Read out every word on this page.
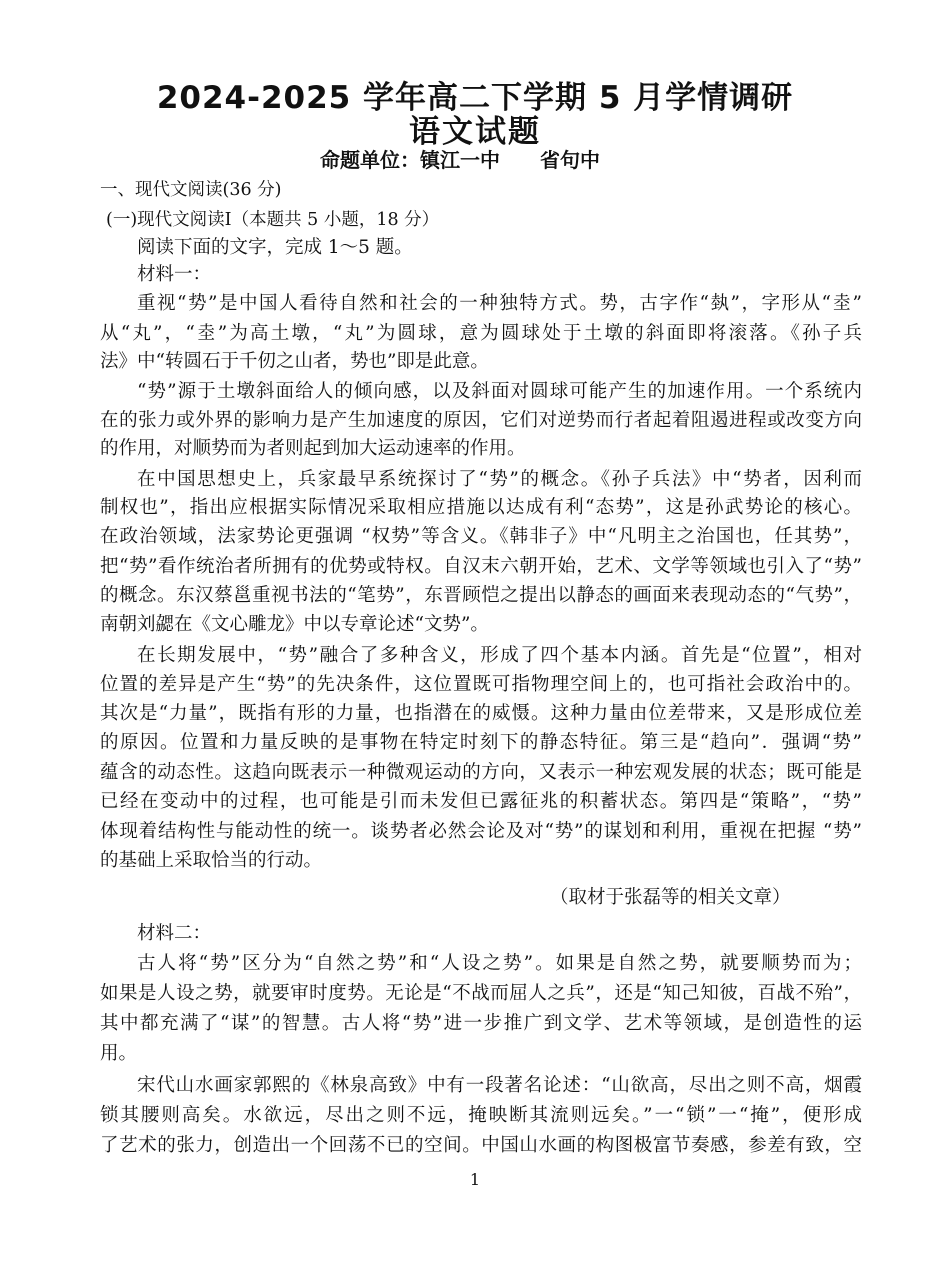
2024-2025 学年高二下学期 5 月学情调研
语文试题
命题单位：镇江一中　　省句中
一、现代文阅读(36 分)
(一)现代文阅读Ⅰ（本题共 5 小题，18 分）
阅读下面的文字，完成 1～5 题。
材料一：
重视“势”是中国人看待自然和社会的一种独特方式。势，古字作“埶”，字形从“坴”
从“丸”，“坴”为高土墩，“丸”为圆球，意为圆球处于土墩的斜面即将滚落。《孙子兵
法》中“转圆石于千仞之山者，势也”即是此意。
“势”源于土墩斜面给人的倾向感，以及斜面对圆球可能产生的加速作用。一个系统内
在的张力或外界的影响力是产生加速度的原因，它们对逆势而行者起着阻遏进程或改变方向
的作用，对顺势而为者则起到加大运动速率的作用。
在中国思想史上，兵家最早系统探讨了“势”的概念。《孙子兵法》中“势者，因利而
制权也”，指出应根据实际情况采取相应措施以达成有利“态势”，这是孙武势论的核心。
在政治领域，法家势论更强调 “权势”等含义。《韩非子》中“凡明主之治国也，任其势”，
把“势”看作统治者所拥有的优势或特权。自汉末六朝开始，艺术、文学等领域也引入了“势”
的概念。东汉蔡邕重视书法的“笔势”，东晋顾恺之提出以静态的画面来表现动态的“气势”，
南朝刘勰在《文心雕龙》中以专章论述“文势”。
在长期发展中，“势”融合了多种含义，形成了四个基本内涵。首先是“位置”，相对
位置的差异是产生“势”的先决条件，这位置既可指物理空间上的，也可指社会政治中的。
其次是“力量”，既指有形的力量，也指潜在的威慑。这种力量由位差带来，又是形成位差
的原因。位置和力量反映的是事物在特定时刻下的静态特征。第三是“趋向”．强调“势”
蕴含的动态性。这趋向既表示一种微观运动的方向，又表示一种宏观发展的状态；既可能是
已经在变动中的过程，也可能是引而未发但已露征兆的积蓄状态。第四是“策略”，“势”
体现着结构性与能动性的统一。谈势者必然会论及对“势”的谋划和利用，重视在把握 “势”
的基础上采取恰当的行动。
（取材于张磊等的相关文章）
材料二：
古人将“势”区分为“自然之势”和“人设之势”。如果是自然之势，就要顺势而为；
如果是人设之势，就要审时度势。无论是“不战而屈人之兵”，还是“知己知彼，百战不殆”，
其中都充满了“谋”的智慧。古人将“势”进一步推广到文学、艺术等领域，是创造性的运
用。
宋代山水画家郭熙的《林泉高致》中有一段著名论述：“山欲高，尽出之则不高，烟霞
锁其腰则高矣。水欲远，尽出之则不远，掩映断其流则远矣。”一“锁”一“掩”，便形成
了艺术的张力，创造出一个回荡不已的空间。中国山水画的构图极富节奏感，参差有致，空
1
